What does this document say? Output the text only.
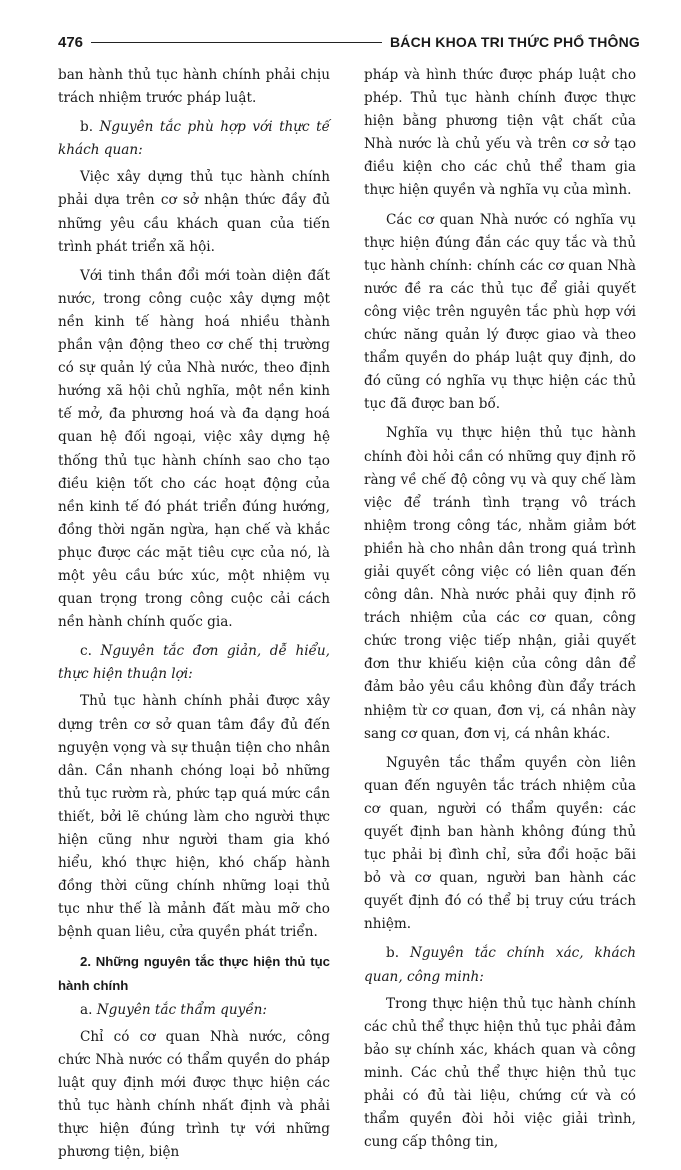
476	BÁCH KHOA TRI THỨC PHỔ THÔNG

ban hành thủ tục hành chính phải chịu trách nhiệm trước pháp luật.

b. Nguyên tắc phù hợp với thực tế khách quan:

Việc xây dựng thủ tục hành chính phải dựa trên cơ sở nhận thức đầy đủ những yêu cầu khách quan của tiến trình phát triển xã hội.

Với tinh thần đổi mới toàn diện đất nước, trong công cuộc xây dựng một nền kinh tế hàng hoá nhiều thành phần vận động theo cơ chế thị trường có sự quản lý của Nhà nước, theo định hướng xã hội chủ nghĩa, một nền kinh tế mở, đa phương hoá và đa dạng hoá quan hệ đối ngoại, việc xây dựng hệ thống thủ tục hành chính sao cho tạo điều kiện tốt cho các hoạt động của nền kinh tế đó phát triển đúng hướng, đồng thời ngăn ngừa, hạn chế và khắc phục được các mặt tiêu cực của nó, là một yêu cầu bức xúc, một nhiệm vụ quan trọng trong công cuộc cải cách nền hành chính quốc gia.

c. Nguyên tắc đơn giản, dễ hiểu, thực hiện thuận lợi:

Thủ tục hành chính phải được xây dựng trên cơ sở quan tâm đầy đủ đến nguyện vọng và sự thuận tiện cho nhân dân. Cần nhanh chóng loại bỏ những thủ tục rườm rà, phức tạp quá mức cần thiết, bởi lẽ chúng làm cho người thực hiện cũng như người tham gia khó hiểu, khó thực hiện, khó chấp hành đồng thời cũng chính những loại thủ tục như thế là mảnh đất màu mỡ cho bệnh quan liêu, cửa quyền phát triển.

2. Những nguyên tắc thực hiện thủ tục hành chính

a. Nguyên tắc thẩm quyền:

Chỉ có cơ quan Nhà nước, công chức Nhà nước có thẩm quyền do pháp luật quy định mới được thực hiện các thủ tục hành chính nhất định và phải thực hiện đúng trình tự với những phương tiện, biện

pháp và hình thức được pháp luật cho phép. Thủ tục hành chính được thực hiện bằng phương tiện vật chất của Nhà nước là chủ yếu và trên cơ sở tạo điều kiện cho các chủ thể tham gia thực hiện quyền và nghĩa vụ của mình.

Các cơ quan Nhà nước có nghĩa vụ thực hiện đúng đắn các quy tắc và thủ tục hành chính: chính các cơ quan Nhà nước đề ra các thủ tục để giải quyết công việc trên nguyên tắc phù hợp với chức năng quản lý được giao và theo thẩm quyền do pháp luật quy định, do đó cũng có nghĩa vụ thực hiện các thủ tục đã được ban bố.

Nghĩa vụ thực hiện thủ tục hành chính đòi hỏi cần có những quy định rõ ràng về chế độ công vụ và quy chế làm việc để tránh tình trạng vô trách nhiệm trong công tác, nhằm giảm bớt phiền hà cho nhân dân trong quá trình giải quyết công việc có liên quan đến công dân. Nhà nước phải quy định rõ trách nhiệm của các cơ quan, công chức trong việc tiếp nhận, giải quyết đơn thư khiếu kiện của công dân để đảm bảo yêu cầu không đùn đẩy trách nhiệm từ cơ quan, đơn vị, cá nhân này sang cơ quan, đơn vị, cá nhân khác.

Nguyên tắc thẩm quyền còn liên quan đến nguyên tắc trách nhiệm của cơ quan, người có thẩm quyền: các quyết định ban hành không đúng thủ tục phải bị đình chỉ, sửa đổi hoặc bãi bỏ và cơ quan, người ban hành các quyết định đó có thể bị truy cứu trách nhiệm.

b. Nguyên tắc chính xác, khách quan, công minh:

Trong thực hiện thủ tục hành chính các chủ thể thực hiện thủ tục phải đảm bảo sự chính xác, khách quan và công minh. Các chủ thể thực hiện thủ tục phải có đủ tài liệu, chứng cứ và có thẩm quyền đòi hỏi việc giải trình, cung cấp thông tin,
